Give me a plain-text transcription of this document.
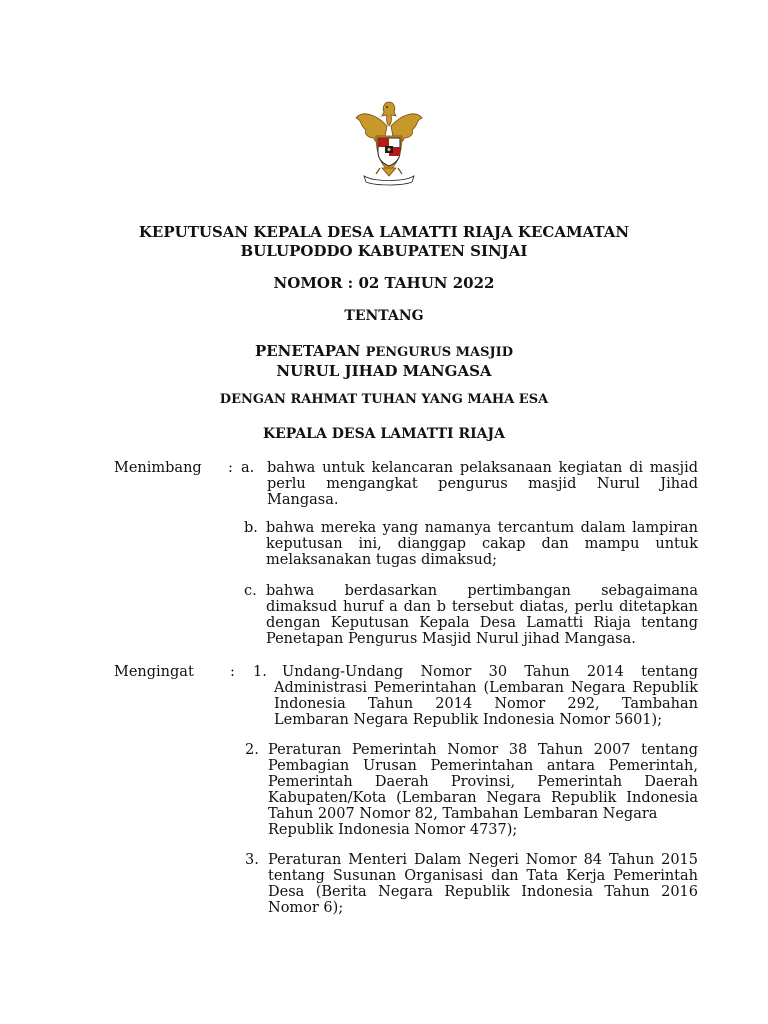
KEPUTUSAN KEPALA DESA LAMATTI RIAJA KECAMATAN
BULUPODDO KABUPATEN SINJAI
NOMOR : 02 TAHUN 2022
TENTANG
PENETAPAN PENGURUS MASJID
NURUL JIHAD MANGASA
DENGAN RAHMAT TUHAN YANG MAHA ESA
KEPALA DESA LAMATTI RIAJA
Menimbang : a. bahwa untuk kelancaran pelaksanaan kegiatan di masjid
perlu mengangkat pengurus masjid Nurul Jihad
Mangasa.
b. bahwa mereka yang namanya tercantum dalam lampiran
keputusan ini, dianggap cakap dan mampu untuk
melaksanakan tugas dimaksud;
c. bahwa berdasarkan pertimbangan sebagaimana
dimaksud huruf a dan b tersebut diatas, perlu ditetapkan
dengan Keputusan Kepala Desa Lamatti Riaja tentang
Penetapan Pengurus Masjid Nurul jihad Mangasa.
Mengingat : 1.	Undang-Undang Nomor 30 Tahun 2014 tentang
Administrasi Pemerintahan (Lembaran Negara Republik
Indonesia Tahun 2014 Nomor 292, Tambahan
Lembaran Negara Republik Indonesia Nomor 5601);
2. Peraturan Pemerintah Nomor 38 Tahun 2007 tentang
Pembagian Urusan Pemerintahan antara Pemerintah,
Pemerintah Daerah Provinsi, Pemerintah Daerah
Kabupaten/Kota (Lembaran Negara Republik Indonesia
Tahun 2007 Nomor 82, Tambahan Lembaran Negara
Republik Indonesia Nomor 4737);
3. Peraturan Menteri Dalam Negeri Nomor 84 Tahun 2015
tentang Susunan Organisasi dan Tata Kerja Pemerintah
Desa (Berita Negara Republik Indonesia Tahun 2016
Nomor 6);
